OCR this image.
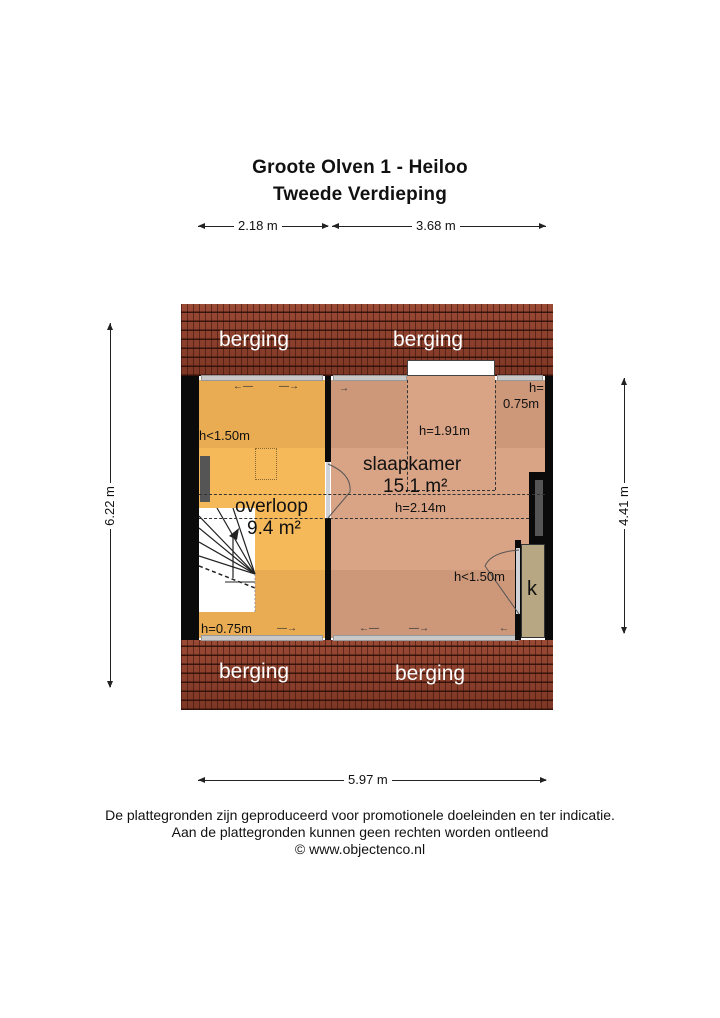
Groote Olven 1 - Heiloo
Tweede Verdieping
2.18 m	3.68 m
6.22 m	4.41 m
berging	berging
berging	berging
k
h<1.50m
overloop
9.4 m²
h=0.75m
h=1.91m
slaapkamer
15.1 m²
h=2.14m
h<1.50m
h=
0.75m
←—	—→	→
—→	←—	—→	←
5.97 m
De plattegronden zijn geproduceerd voor promotionele doeleinden en ter indicatie.
Aan de plattegronden kunnen geen rechten worden ontleend
© www.objectenco.nl
